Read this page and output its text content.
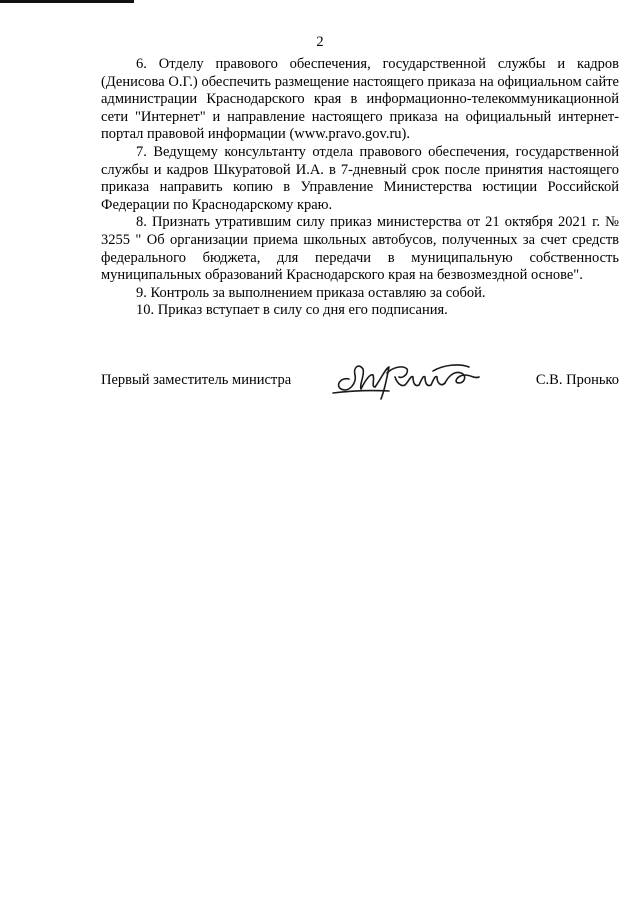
2

6. Отделу правового обеспечения, государственной службы и кадров (Денисова О.Г.) обеспечить размещение настоящего приказа на официальном сайте администрации Краснодарского края в информационно-телекоммуникационной сети "Интернет" и направление настоящего приказа на официальный интернет-портал правовой информации (www.pravo.gov.ru).

7. Ведущему консультанту отдела правового обеспечения, государственной службы и кадров Шкуратовой И.А. в 7-дневный срок после принятия настоящего приказа направить копию в Управление Министерства юстиции Российской Федерации по Краснодарскому краю.

8. Признать утратившим силу приказ министерства от 21 октября 2021 г. № 3255 " Об организации приема школьных автобусов, полученных за счет средств федерального бюджета, для передачи в муниципальную собственность муниципальных образований Краснодарского края на безвозмездной основе".

9. Контроль за выполнением приказа оставляю за собой.

10. Приказ вступает в силу со дня его подписания.

Первый заместитель министра	С.В. Пронько
